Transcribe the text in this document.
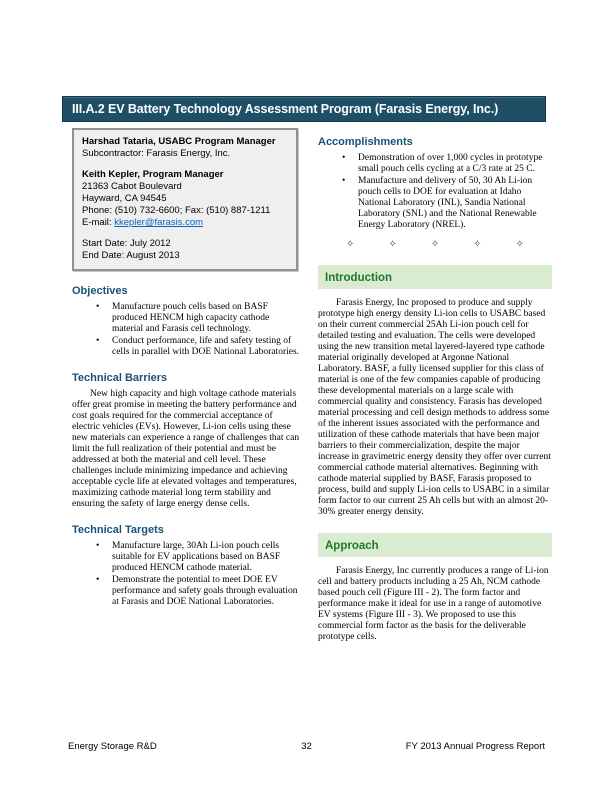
III.A.2 EV Battery Technology Assessment Program (Farasis Energy, Inc.)
Harshad Tataria, USABC Program Manager
Subcontractor: Farasis Energy, Inc.
Keith Kepler, Program Manager
21363 Cabot Boulevard
Hayward, CA 94545
Phone: (510) 732-6600; Fax: (510) 887-1211
E-mail: kkepler@farasis.com
Start Date: July 2012
End Date: August 2013
Objectives
• Manufacture pouch cells based on BASF produced HENCM high capacity cathode material and Farasis cell technology.
• Conduct performance, life and safety testing of cells in parallel with DOE National Laboratories.
Technical Barriers

New high capacity and high voltage cathode materials offer great promise in meeting the battery performance and cost goals required for the commercial acceptance of electric vehicles (EVs). However, Li-ion cells using these new materials can experience a range of challenges that can limit the full realization of their potential and must be addressed at both the material and cell level. These challenges include minimizing impedance and achieving acceptable cycle life at elevated voltages and temperatures, maximizing cathode material long term stability and ensuring the safety of large energy dense cells.

Technical Targets
• Manufacture large, 30Ah Li-ion pouch cells suitable for EV applications based on BASF produced HENCM cathode material.
• Demonstrate the potential to meet DOE EV performance and safety goals through evaluation at Farasis and DOE National Laboratories.
Accomplishments
• Demonstration of over 1,000 cycles in prototype small pouch cells cycling at a C/3 rate at 25 C.
• Manufacture and delivery of 50, 30 Ah Li-ion pouch cells to DOE for evaluation at Idaho National Laboratory (INL), Sandia National Laboratory (SNL) and the National Renewable Energy Laboratory (NREL).
✧	✧	✧	✧	✧
Introduction

Farasis Energy, Inc proposed to produce and supply prototype high energy density Li-ion cells to USABC based on their current commercial 25Ah Li-ion pouch cell for detailed testing and evaluation. The cells were developed using the new transition metal layered-layered type cathode material originally developed at Argonne National Laboratory. BASF, a fully licensed supplier for this class of material is one of the few companies capable of producing these developmental materials on a large scale with commercial quality and consistency. Farasis has developed material processing and cell design methods to address some of the inherent issues associated with the performance and utilization of these cathode materials that have been major barriers to their commercialization, despite the major increase in gravimetric energy density they offer over current commercial cathode material alternatives. Beginning with cathode material supplied by BASF, Farasis proposed to process, build and supply Li-ion cells to USABC in a similar form factor to our current 25 Ah cells but with an almost 20-30% greater energy density.

Approach

Farasis Energy, Inc currently produces a range of Li-ion cell and battery products including a 25 Ah, NCM cathode based pouch cell (Figure III - 2). The form factor and performance make it ideal for use in a range of automotive EV systems (Figure III - 3). We proposed to use this commercial form factor as the basis for the deliverable prototype cells.

Energy Storage R&D	32	FY 2013 Annual Progress Report
